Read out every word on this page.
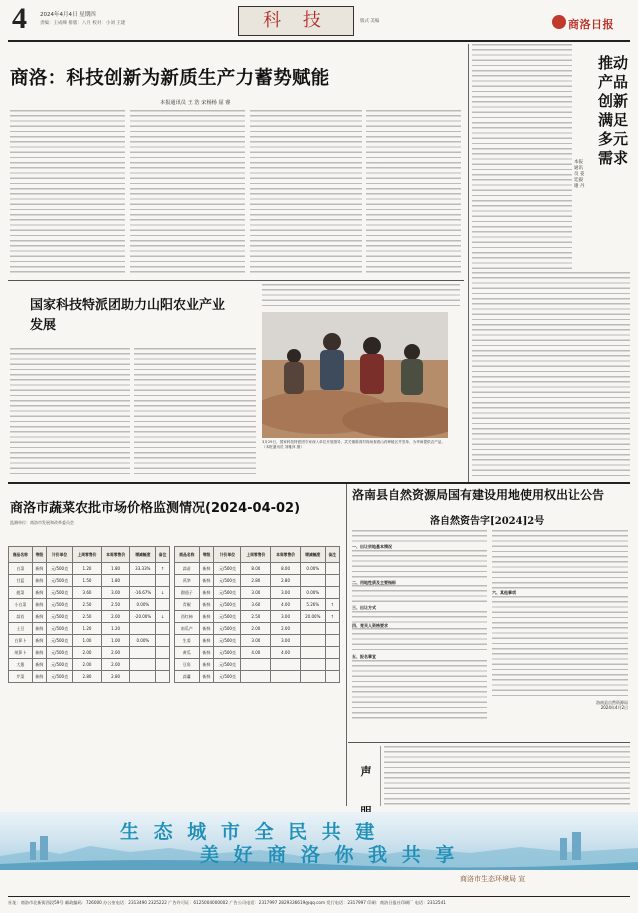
4 2024年4月4日 星期四
责编：王成峰 排版：八月 校对：小刘 王建	科 技	版式 美编	商洛日报
商洛：科技创新为新质生产力蓄势赋能
本报通讯员 王 浩 宋杨杨 屈 睿
推动产品创新 满足多元需求
本报通讯员 姜廷毅 谢 丹
国家科技特派团助力山阳农业产业发展
3月29日，国家科技特派团专家深入单位开展指导，武关镇陈湾村现场查看山药种植区并签单，为华商提供农产品。（本报通讯员 刘雅萍 摄）
商洛市蔬菜农批市场价格监测情况(2024-04-02)
监测单位：商洛市发展和改革委员会
商品名称	等级	计价单位	上周零售价	本周零售价	增减幅度	备注
白菜	新鲜	元/500克	1.20	1.80	33.33%	↑
甘蓝	新鲜	元/500克	1.50	1.80		
菠菜	新鲜	元/500克	3.60	3.00	-16.67%	↓
小白菜	新鲜	元/500克	2.50	2.50	0.00%	
蒜苔	新鲜	元/500克	2.50	2.00	-20.00%	↓
土豆	新鲜	元/500克	1.20	1.20		
白萝卜	新鲜	元/500克	1.00	1.00	0.00%	
胡萝卜	新鲜	元/500克	2.00	2.00		
大葱	新鲜	元/500克	2.00	2.00		
芹菜	新鲜	元/500克	2.80	2.80		
商品名称	等级	计价单位	上周零售价	本周零售价	增减幅度	备注
蒜苗	新鲜	元/500克	8.00	8.00	0.00%	
莴笋	新鲜	元/500克	2.80	2.80		
圆茄子	新鲜	元/500克	3.00	3.00	0.00%	
青椒	新鲜	元/500克	3.60	4.00	5.26%	↑
西红柿	新鲜	元/500克	2.50	3.00	20.00%	↑
南瓜产	新鲜	元/500克	2.00	2.00		
生姜	新鲜	元/500克	3.00	3.00		
黄瓜	新鲜	元/500克	4.00	4.00		
豆角	新鲜	元/500克				
蒜薹	新鲜	元/500克				
洛南县自然资源局国有建设用地使用权出让公告
洛自然资告字[2024]2号
一、出让宗地基本情况
二、用地性质及主要指标
三、出让方式
四、竞买人资格要求
五、报名事宜
六、其他事项
洛南县自然资源局
2024年4月2日
声
生 态 城 市 全 民 共 建
美 好 商 洛 你 我 共 享
商洛市生态环境局 宣
社址：商洛市北新街西段59号 邮政编码：726000 办公室电话：2313490 2325222 广告许可证：6125004000002 广告公司电话：2317997 2829336619@qq.com 发行电话：2317997 印刷：商洛日报社印刷厂 电话：2312541
